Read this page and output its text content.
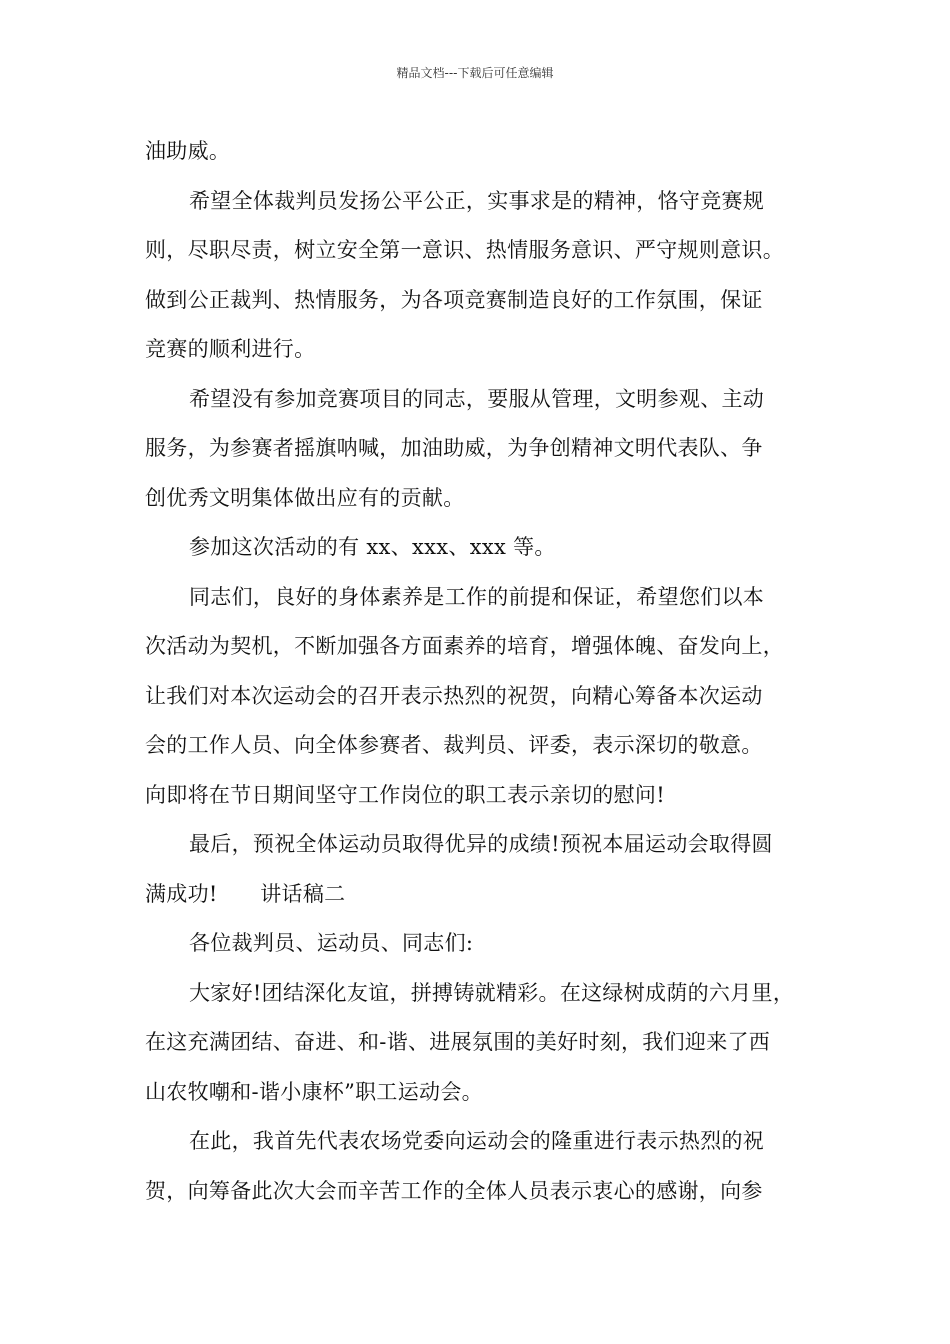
精品文档---下载后可任意编辑
油助威。
希望全体裁判员发扬公平公正，实事求是的精神，恪守竞赛规
则，尽职尽责，树立安全第一意识、热情服务意识、严守规则意识。
做到公正裁判、热情服务，为各项竞赛制造良好的工作氛围，保证
竞赛的顺利进行。
希望没有参加竞赛项目的同志，要服从管理，文明参观、主动
服务，为参赛者摇旗呐喊，加油助威，为争创精神文明代表队、争
创优秀文明集体做出应有的贡献。
参加这次活动的有 xx、xxx、xxx 等。
同志们，良好的身体素养是工作的前提和保证，希望您们以本
次活动为契机，不断加强各方面素养的培育，增强体魄、奋发向上，
让我们对本次运动会的召开表示热烈的祝贺，向精心筹备本次运动
会的工作人员、向全体参赛者、裁判员、评委，表示深切的敬意。
向即将在节日期间坚守工作岗位的职工表示亲切的慰问!
最后，预祝全体运动员取得优异的成绩!预祝本届运动会取得圆
满成功!　　讲话稿二
各位裁判员、运动员、同志们:
大家好!团结深化友谊，拼搏铸就精彩。在这绿树成荫的六月里，
在这充满团结、奋进、和-谐、进展氛围的美好时刻，我们迎来了西
山农牧嘲和-谐小康杯”职工运动会。
在此，我首先代表农场党委向运动会的隆重进行表示热烈的祝
贺，向筹备此次大会而辛苦工作的全体人员表示衷心的感谢，向参
